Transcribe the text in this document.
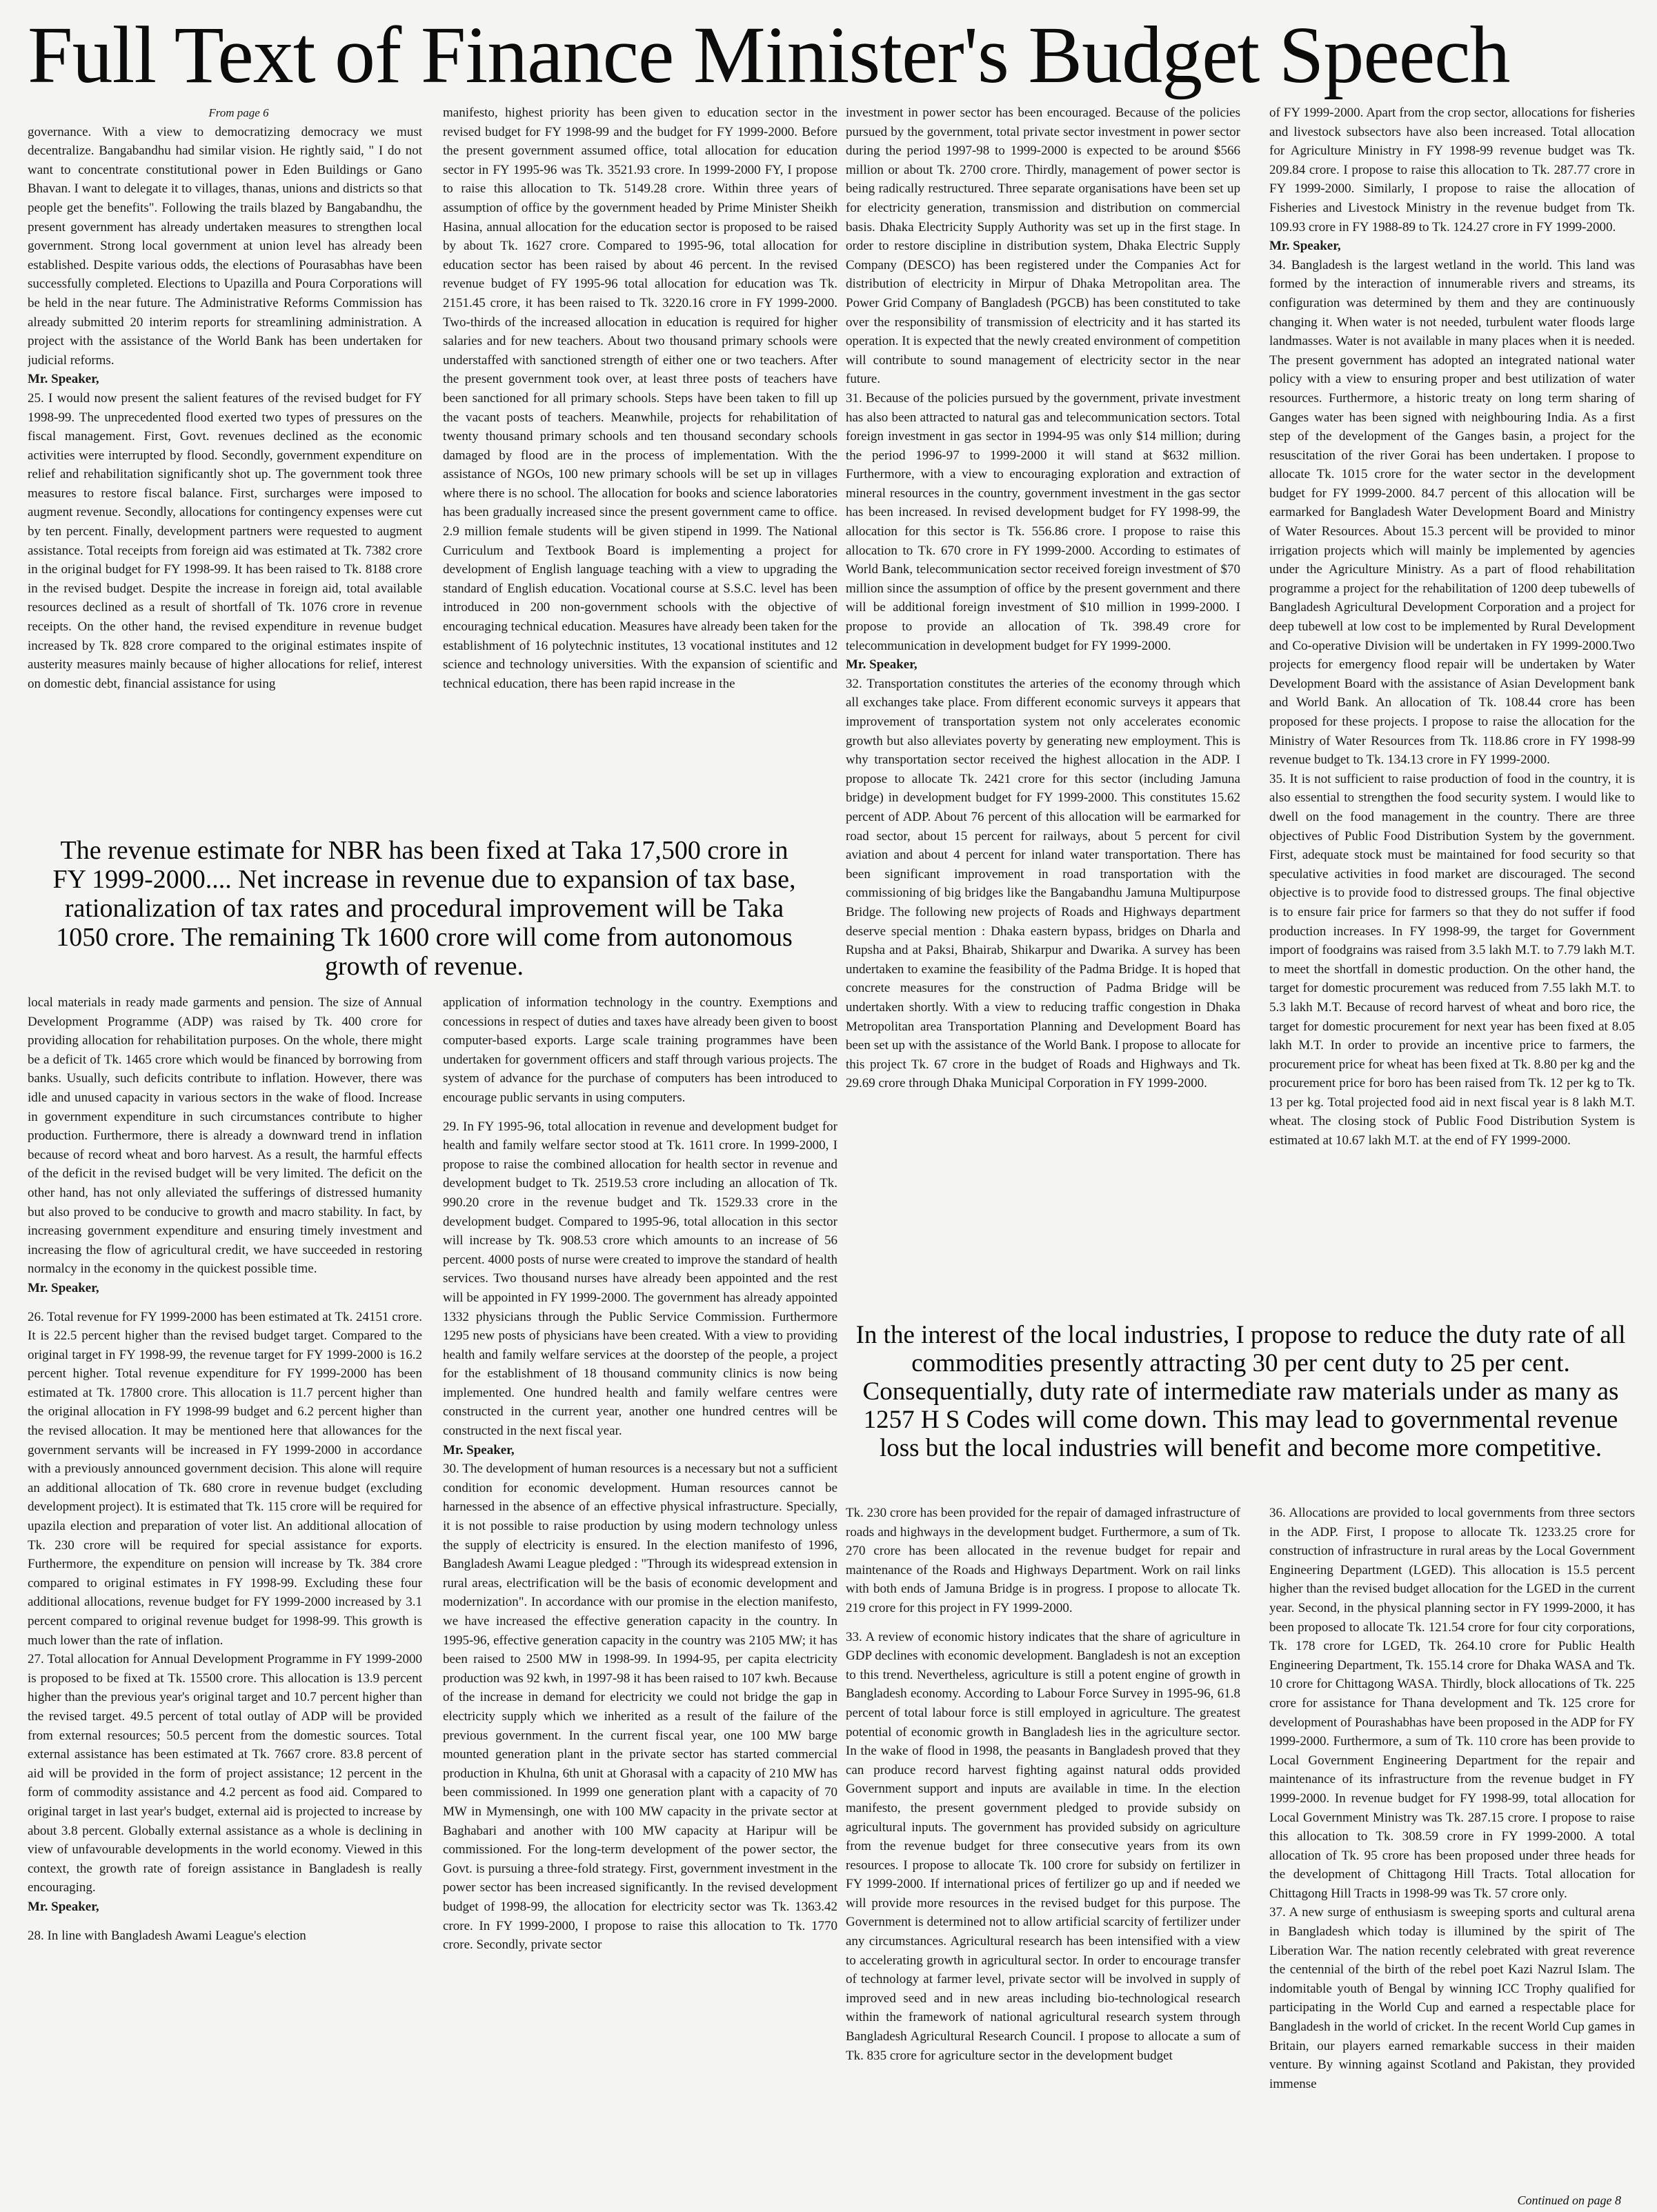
Full Text of Finance Minister's Budget Speech

From page 6

governance. With a view to democratizing democracy we must decentralize. Bangabandhu had similar vision. He rightly said, " I do not want to concentrate constitutional power in Eden Buildings or Gano Bhavan. I want to delegate it to villages, thanas, unions and districts so that people get the benefits". Following the trails blazed by Bangabandhu, the present government has already undertaken measures to strengthen local government. Strong local government at union level has already been established. Despite various odds, the elections of Pourasabhas have been successfully completed. Elections to Upazilla and Poura Corporations will be held in the near future. The Administrative Reforms Commission has already submitted 20 interim reports for streamlining administration. A project with the assistance of the World Bank has been undertaken for judicial reforms.

Mr. Speaker,

25. I would now present the salient features of the revised budget for FY 1998-99. The unprecedented flood exerted two types of pressures on the fiscal management. First, Govt. revenues declined as the economic activities were interrupted by flood. Secondly, government expenditure on relief and rehabilitation significantly shot up. The government took three measures to restore fiscal balance. First, surcharges were imposed to augment revenue. Secondly, allocations for contingency expenses were cut by ten percent. Finally, development partners were requested to augment assistance. Total receipts from foreign aid was estimated at Tk. 7382 crore in the original budget for FY 1998-99. It has been raised to Tk. 8188 crore in the revised budget. Despite the increase in foreign aid, total available resources declined as a result of shortfall of Tk. 1076 crore in revenue receipts. On the other hand, the revised expenditure in revenue budget increased by Tk. 828 crore compared to the original estimates inspite of austerity measures mainly because of higher allocations for relief, interest on domestic debt, financial assistance for using

manifesto, highest priority has been given to education sector in the revised budget for FY 1998-99 and the budget for FY 1999-2000. Before the present government assumed office, total allocation for education sector in FY 1995-96 was Tk. 3521.93 crore. In 1999-2000 FY, I propose to raise this allocation to Tk. 5149.28 crore. Within three years of assumption of office by the government headed by Prime Minister Sheikh Hasina, annual allocation for the education sector is proposed to be raised by about Tk. 1627 crore. Compared to 1995-96, total allocation for education sector has been raised by about 46 percent. In the revised revenue budget of FY 1995-96 total allocation for education was Tk. 2151.45 crore, it has been raised to Tk. 3220.16 crore in FY 1999-2000. Two-thirds of the increased allocation in education is required for higher salaries and for new teachers. About two thousand primary schools were understaffed with sanctioned strength of either one or two teachers. After the present government took over, at least three posts of teachers have been sanctioned for all primary schools. Steps have been taken to fill up the vacant posts of teachers. Meanwhile, projects for rehabilitation of twenty thousand primary schools and ten thousand secondary schools damaged by flood are in the process of implementation. With the assistance of NGOs, 100 new primary schools will be set up in villages where there is no school. The allocation for books and science laboratories has been gradually increased since the present government came to office. 2.9 million female students will be given stipend in 1999. The National Curriculum and Textbook Board is implementing a project for development of English language teaching with a view to upgrading the standard of English education. Vocational course at S.S.C. level has been introduced in 200 non-government schools with the objective of encouraging technical education. Measures have already been taken for the establishment of 16 polytechnic institutes, 13 vocational institutes and 12 science and technology universities. With the expansion of scientific and technical education, there has been rapid increase in the

investment in power sector has been encouraged. Because of the policies pursued by the government, total private sector investment in power sector during the period 1997-98 to 1999-2000 is expected to be around $566 million or about Tk. 2700 crore. Thirdly, management of power sector is being radically restructured. Three separate organisations have been set up for electricity generation, transmission and distribution on commercial basis. Dhaka Electricity Supply Authority was set up in the first stage. In order to restore discipline in distribution system, Dhaka Electric Supply Company (DESCO) has been registered under the Companies Act for distribution of electricity in Mirpur of Dhaka Metropolitan area. The Power Grid Company of Bangladesh (PGCB) has been constituted to take over the responsibility of transmission of electricity and it has started its operation. It is expected that the newly created environment of competition will contribute to sound management of electricity sector in the near future.

31. Because of the policies pursued by the government, private investment has also been attracted to natural gas and telecommunication sectors. Total foreign investment in gas sector in 1994-95 was only $14 million; during the period 1996-97 to 1999-2000 it will stand at $632 million. Furthermore, with a view to encouraging exploration and extraction of mineral resources in the country, government investment in the gas sector has been increased. In revised development budget for FY 1998-99, the allocation for this sector is Tk. 556.86 crore. I propose to raise this allocation to Tk. 670 crore in FY 1999-2000. According to estimates of World Bank, telecommunication sector received foreign investment of $70 million since the assumption of office by the present government and there will be additional foreign investment of $10 million in 1999-2000. I propose to provide an allocation of Tk. 398.49 crore for telecommunication in development budget for FY 1999-2000.

Mr. Speaker,

32. Transportation constitutes the arteries of the economy through which all exchanges take place. From different economic surveys it appears that improvement of transportation system not only accelerates economic growth but also alleviates poverty by generating new employment. This is why transportation sector received the highest allocation in the ADP. I propose to allocate Tk. 2421 crore for this sector (including Jamuna bridge) in development budget for FY 1999-2000. This constitutes 15.62 percent of ADP. About 76 percent of this allocation will be earmarked for road sector, about 15 percent for railways, about 5 percent for civil aviation and about 4 percent for inland water transportation. There has been significant improvement in road transportation with the commissioning of big bridges like the Bangabandhu Jamuna Multipurpose Bridge. The following new projects of Roads and Highways department deserve special mention : Dhaka eastern bypass, bridges on Dharla and Rupsha and at Paksi, Bhairab, Shikarpur and Dwarika. A survey has been undertaken to examine the feasibility of the Padma Bridge. It is hoped that concrete measures for the construction of Padma Bridge will be undertaken shortly. With a view to reducing traffic congestion in Dhaka Metropolitan area Transportation Planning and Development Board has been set up with the assistance of the World Bank. I propose to allocate for this project Tk. 67 crore in the budget of Roads and Highways and Tk. 29.69 crore through Dhaka Municipal Corporation in FY 1999-2000.

of FY 1999-2000. Apart from the crop sector, allocations for fisheries and livestock subsectors have also been increased. Total allocation for Agriculture Ministry in FY 1998-99 revenue budget was Tk. 209.84 crore. I propose to raise this allocation to Tk. 287.77 crore in FY 1999-2000. Similarly, I propose to raise the allocation of Fisheries and Livestock Ministry in the revenue budget from Tk. 109.93 crore in FY 1988-89 to Tk. 124.27 crore in FY 1999-2000.

Mr. Speaker,

34. Bangladesh is the largest wetland in the world. This land was formed by the interaction of innumerable rivers and streams, its configuration was determined by them and they are continuously changing it. When water is not needed, turbulent water floods large landmasses. Water is not available in many places when it is needed. The present government has adopted an integrated national water policy with a view to ensuring proper and best utilization of water resources. Furthermore, a historic treaty on long term sharing of Ganges water has been signed with neighbouring India. As a first step of the development of the Ganges basin, a project for the resuscitation of the river Gorai has been undertaken. I propose to allocate Tk. 1015 crore for the water sector in the development budget for FY 1999-2000. 84.7 percent of this allocation will be earmarked for Bangladesh Water Development Board and Ministry of Water Resources. About 15.3 percent will be provided to minor irrigation projects which will mainly be implemented by agencies under the Agriculture Ministry. As a part of flood rehabilitation programme a project for the rehabilitation of 1200 deep tubewells of Bangladesh Agricultural Development Corporation and a project for deep tubewell at low cost to be implemented by Rural Development and Co-operative Division will be undertaken in FY 1999-2000.Two projects for emergency flood repair will be undertaken by Water Development Board with the assistance of Asian Development bank and World Bank. An allocation of Tk. 108.44 crore has been proposed for these projects. I propose to raise the allocation for the Ministry of Water Resources from Tk. 118.86 crore in FY 1998-99 revenue budget to Tk. 134.13 crore in FY 1999-2000.

35. It is not sufficient to raise production of food in the country, it is also essential to strengthen the food security system. I would like to dwell on the food management in the country. There are three objectives of Public Food Distribution System by the government. First, adequate stock must be maintained for food security so that speculative activities in food market are discouraged. The second objective is to provide food to distressed groups. The final objective is to ensure fair price for farmers so that they do not suffer if food production increases. In FY 1998-99, the target for Government import of foodgrains was raised from 3.5 lakh M.T. to 7.79 lakh M.T. to meet the shortfall in domestic production. On the other hand, the target for domestic procurement was reduced from 7.55 lakh M.T. to 5.3 lakh M.T. Because of record harvest of wheat and boro rice, the target for domestic procurement for next year has been fixed at 8.05 lakh M.T. In order to provide an incentive price to farmers, the procurement price for wheat has been fixed at Tk. 8.80 per kg and the procurement price for boro has been raised from Tk. 12 per kg to Tk. 13 per kg. Total projected food aid in next fiscal year is 8 lakh M.T. wheat. The closing stock of Public Food Distribution System is estimated at 10.67 lakh M.T. at the end of FY 1999-2000.

The revenue estimate for NBR has been fixed at Taka 17,500 crore in FY 1999-2000.... Net increase in revenue due to expansion of tax base, rationalization of tax rates and procedural improvement will be Taka 1050 crore. The remaining Tk 1600 crore will come from autonomous growth of revenue.

local materials in ready made garments and pension. The size of Annual Development Programme (ADP) was raised by Tk. 400 crore for providing allocation for rehabilitation purposes. On the whole, there might be a deficit of Tk. 1465 crore which would be financed by borrowing from banks. Usually, such deficits contribute to inflation. However, there was idle and unused capacity in various sectors in the wake of flood. Increase in government expenditure in such circumstances contribute to higher production. Furthermore, there is already a downward trend in inflation because of record wheat and boro harvest. As a result, the harmful effects of the deficit in the revised budget will be very limited. The deficit on the other hand, has not only alleviated the sufferings of distressed humanity but also proved to be conducive to growth and macro stability. In fact, by increasing government expenditure and ensuring timely investment and increasing the flow of agricultural credit, we have succeeded in restoring normalcy in the economy in the quickest possible time.

Mr. Speaker,

26. Total revenue for FY 1999-2000 has been estimated at Tk. 24151 crore. It is 22.5 percent higher than the revised budget target. Compared to the original target in FY 1998-99, the revenue target for FY 1999-2000 is 16.2 percent higher. Total revenue expenditure for FY 1999-2000 has been estimated at Tk. 17800 crore. This allocation is 11.7 percent higher than the original allocation in FY 1998-99 budget and 6.2 percent higher than the revised allocation. It may be mentioned here that allowances for the government servants will be increased in FY 1999-2000 in accordance with a previously announced government decision. This alone will require an additional allocation of Tk. 680 crore in revenue budget (excluding development project). It is estimated that Tk. 115 crore will be required for upazila election and preparation of voter list. An additional allocation of Tk. 230 crore will be required for special assistance for exports. Furthermore, the expenditure on pension will increase by Tk. 384 crore compared to original estimates in FY 1998-99. Excluding these four additional allocations, revenue budget for FY 1999-2000 increased by 3.1 percent compared to original revenue budget for 1998-99. This growth is much lower than the rate of inflation.

27. Total allocation for Annual Development Programme in FY 1999-2000 is proposed to be fixed at Tk. 15500 crore. This allocation is 13.9 percent higher than the previous year's original target and 10.7 percent higher than the revised target. 49.5 percent of total outlay of ADP will be provided from external resources; 50.5 percent from the domestic sources. Total external assistance has been estimated at Tk. 7667 crore. 83.8 percent of aid will be provided in the form of project assistance; 12 percent in the form of commodity assistance and 4.2 percent as food aid. Compared to original target in last year's budget, external aid is projected to increase by about 3.8 percent. Globally external assistance as a whole is declining in view of unfavourable developments in the world economy. Viewed in this context, the growth rate of foreign assistance in Bangladesh is really encouraging.

Mr. Speaker,

28. In line with Bangladesh Awami League's election

application of information technology in the country. Exemptions and concessions in respect of duties and taxes have already been given to boost computer-based exports. Large scale training programmes have been undertaken for government officers and staff through various projects. The system of advance for the purchase of computers has been introduced to encourage public servants in using computers.

29. In FY 1995-96, total allocation in revenue and development budget for health and family welfare sector stood at Tk. 1611 crore. In 1999-2000, I propose to raise the combined allocation for health sector in revenue and development budget to Tk. 2519.53 crore including an allocation of Tk. 990.20 crore in the revenue budget and Tk. 1529.33 crore in the development budget. Compared to 1995-96, total allocation in this sector will increase by Tk. 908.53 crore which amounts to an increase of 56 percent. 4000 posts of nurse were created to improve the standard of health services. Two thousand nurses have already been appointed and the rest will be appointed in FY 1999-2000. The government has already appointed 1332 physicians through the Public Service Commission. Furthermore 1295 new posts of physicians have been created. With a view to providing health and family welfare services at the doorstep of the people, a project for the establishment of 18 thousand community clinics is now being implemented. One hundred health and family welfare centres were constructed in the current year, another one hundred centres will be constructed in the next fiscal year.

Mr. Speaker,

30. The development of human resources is a necessary but not a sufficient condition for economic development. Human resources cannot be harnessed in the absence of an effective physical infrastructure. Specially, it is not possible to raise production by using modern technology unless the supply of electricity is ensured. In the election manifesto of 1996, Bangladesh Awami League pledged : "Through its widespread extension in rural areas, electrification will be the basis of economic development and modernization". In accordance with our promise in the election manifesto, we have increased the effective generation capacity in the country. In 1995-96, effective generation capacity in the country was 2105 MW; it has been raised to 2500 MW in 1998-99. In 1994-95, per capita electricity production was 92 kwh, in 1997-98 it has been raised to 107 kwh. Because of the increase in demand for electricity we could not bridge the gap in electricity supply which we inherited as a result of the failure of the previous government. In the current fiscal year, one 100 MW barge mounted generation plant in the private sector has started commercial production in Khulna, 6th unit at Ghorasal with a capacity of 210 MW has been commissioned. In 1999 one generation plant with a capacity of 70 MW in Mymensingh, one with 100 MW capacity in the private sector at Baghabari and another with 100 MW capacity at Haripur will be commissioned. For the long-term development of the power sector, the Govt. is pursuing a three-fold strategy. First, government investment in the power sector has been increased significantly. In the revised development budget of 1998-99, the allocation for electricity sector was Tk. 1363.42 crore. In FY 1999-2000, I propose to raise this allocation to Tk. 1770 crore. Secondly, private sector

In the interest of the local industries, I propose to reduce the duty rate of all commodities presently attracting 30 per cent duty to 25 per cent. Consequentially, duty rate of intermediate raw materials under as many as 1257 H S Codes will come down. This may lead to governmental revenue loss but the local industries will benefit and become more competitive.

Tk. 230 crore has been provided for the repair of damaged infrastructure of roads and highways in the development budget. Furthermore, a sum of Tk. 270 crore has been allocated in the revenue budget for repair and maintenance of the Roads and Highways Department. Work on rail links with both ends of Jamuna Bridge is in progress. I propose to allocate Tk. 219 crore for this project in FY 1999-2000.

33. A review of economic history indicates that the share of agriculture in GDP declines with economic development. Bangladesh is not an exception to this trend. Nevertheless, agriculture is still a potent engine of growth in Bangladesh economy. According to Labour Force Survey in 1995-96, 61.8 percent of total labour force is still employed in agriculture. The greatest potential of economic growth in Bangladesh lies in the agriculture sector. In the wake of flood in 1998, the peasants in Bangladesh proved that they can produce record harvest fighting against natural odds provided Government support and inputs are available in time. In the election manifesto, the present government pledged to provide subsidy on agricultural inputs. The government has provided subsidy on agriculture from the revenue budget for three consecutive years from its own resources. I propose to allocate Tk. 100 crore for subsidy on fertilizer in FY 1999-2000. If international prices of fertilizer go up and if needed we will provide more resources in the revised budget for this purpose. The Government is determined not to allow artificial scarcity of fertilizer under any circumstances. Agricultural research has been intensified with a view to accelerating growth in agricultural sector. In order to encourage transfer of technology at farmer level, private sector will be involved in supply of improved seed and in new areas including bio-technological research within the framework of national agricultural research system through Bangladesh Agricultural Research Council. I propose to allocate a sum of Tk. 835 crore for agriculture sector in the development budget

36. Allocations are provided to local governments from three sectors in the ADP. First, I propose to allocate Tk. 1233.25 crore for construction of infrastructure in rural areas by the Local Government Engineering Department (LGED). This allocation is 15.5 percent higher than the revised budget allocation for the LGED in the current year. Second, in the physical planning sector in FY 1999-2000, it has been proposed to allocate Tk. 121.54 crore for four city corporations, Tk. 178 crore for LGED, Tk. 264.10 crore for Public Health Engineering Department, Tk. 155.14 crore for Dhaka WASA and Tk. 10 crore for Chittagong WASA. Thirdly, block allocations of Tk. 225 crore for assistance for Thana development and Tk. 125 crore for development of Pourashabhas have been proposed in the ADP for FY 1999-2000. Furthermore, a sum of Tk. 110 crore has been provide to Local Government Engineering Department for the repair and maintenance of its infrastructure from the revenue budget in FY 1999-2000. In revenue budget for FY 1998-99, total allocation for Local Government Ministry was Tk. 287.15 crore. I propose to raise this allocation to Tk. 308.59 crore in FY 1999-2000. A total allocation of Tk. 95 crore has been proposed under three heads for the development of Chittagong Hill Tracts. Total allocation for Chittagong Hill Tracts in 1998-99 was Tk. 57 crore only.

37. A new surge of enthusiasm is sweeping sports and cultural arena in Bangladesh which today is illumined by the spirit of The Liberation War. The nation recently celebrated with great reverence the centennial of the birth of the rebel poet Kazi Nazrul Islam. The indomitable youth of Bengal by winning ICC Trophy qualified for participating in the World Cup and earned a respectable place for Bangladesh in the world of cricket. In the recent World Cup games in Britain, our players earned remarkable success in their maiden venture. By winning against Scotland and Pakistan, they provided immense

Continued on page 8
